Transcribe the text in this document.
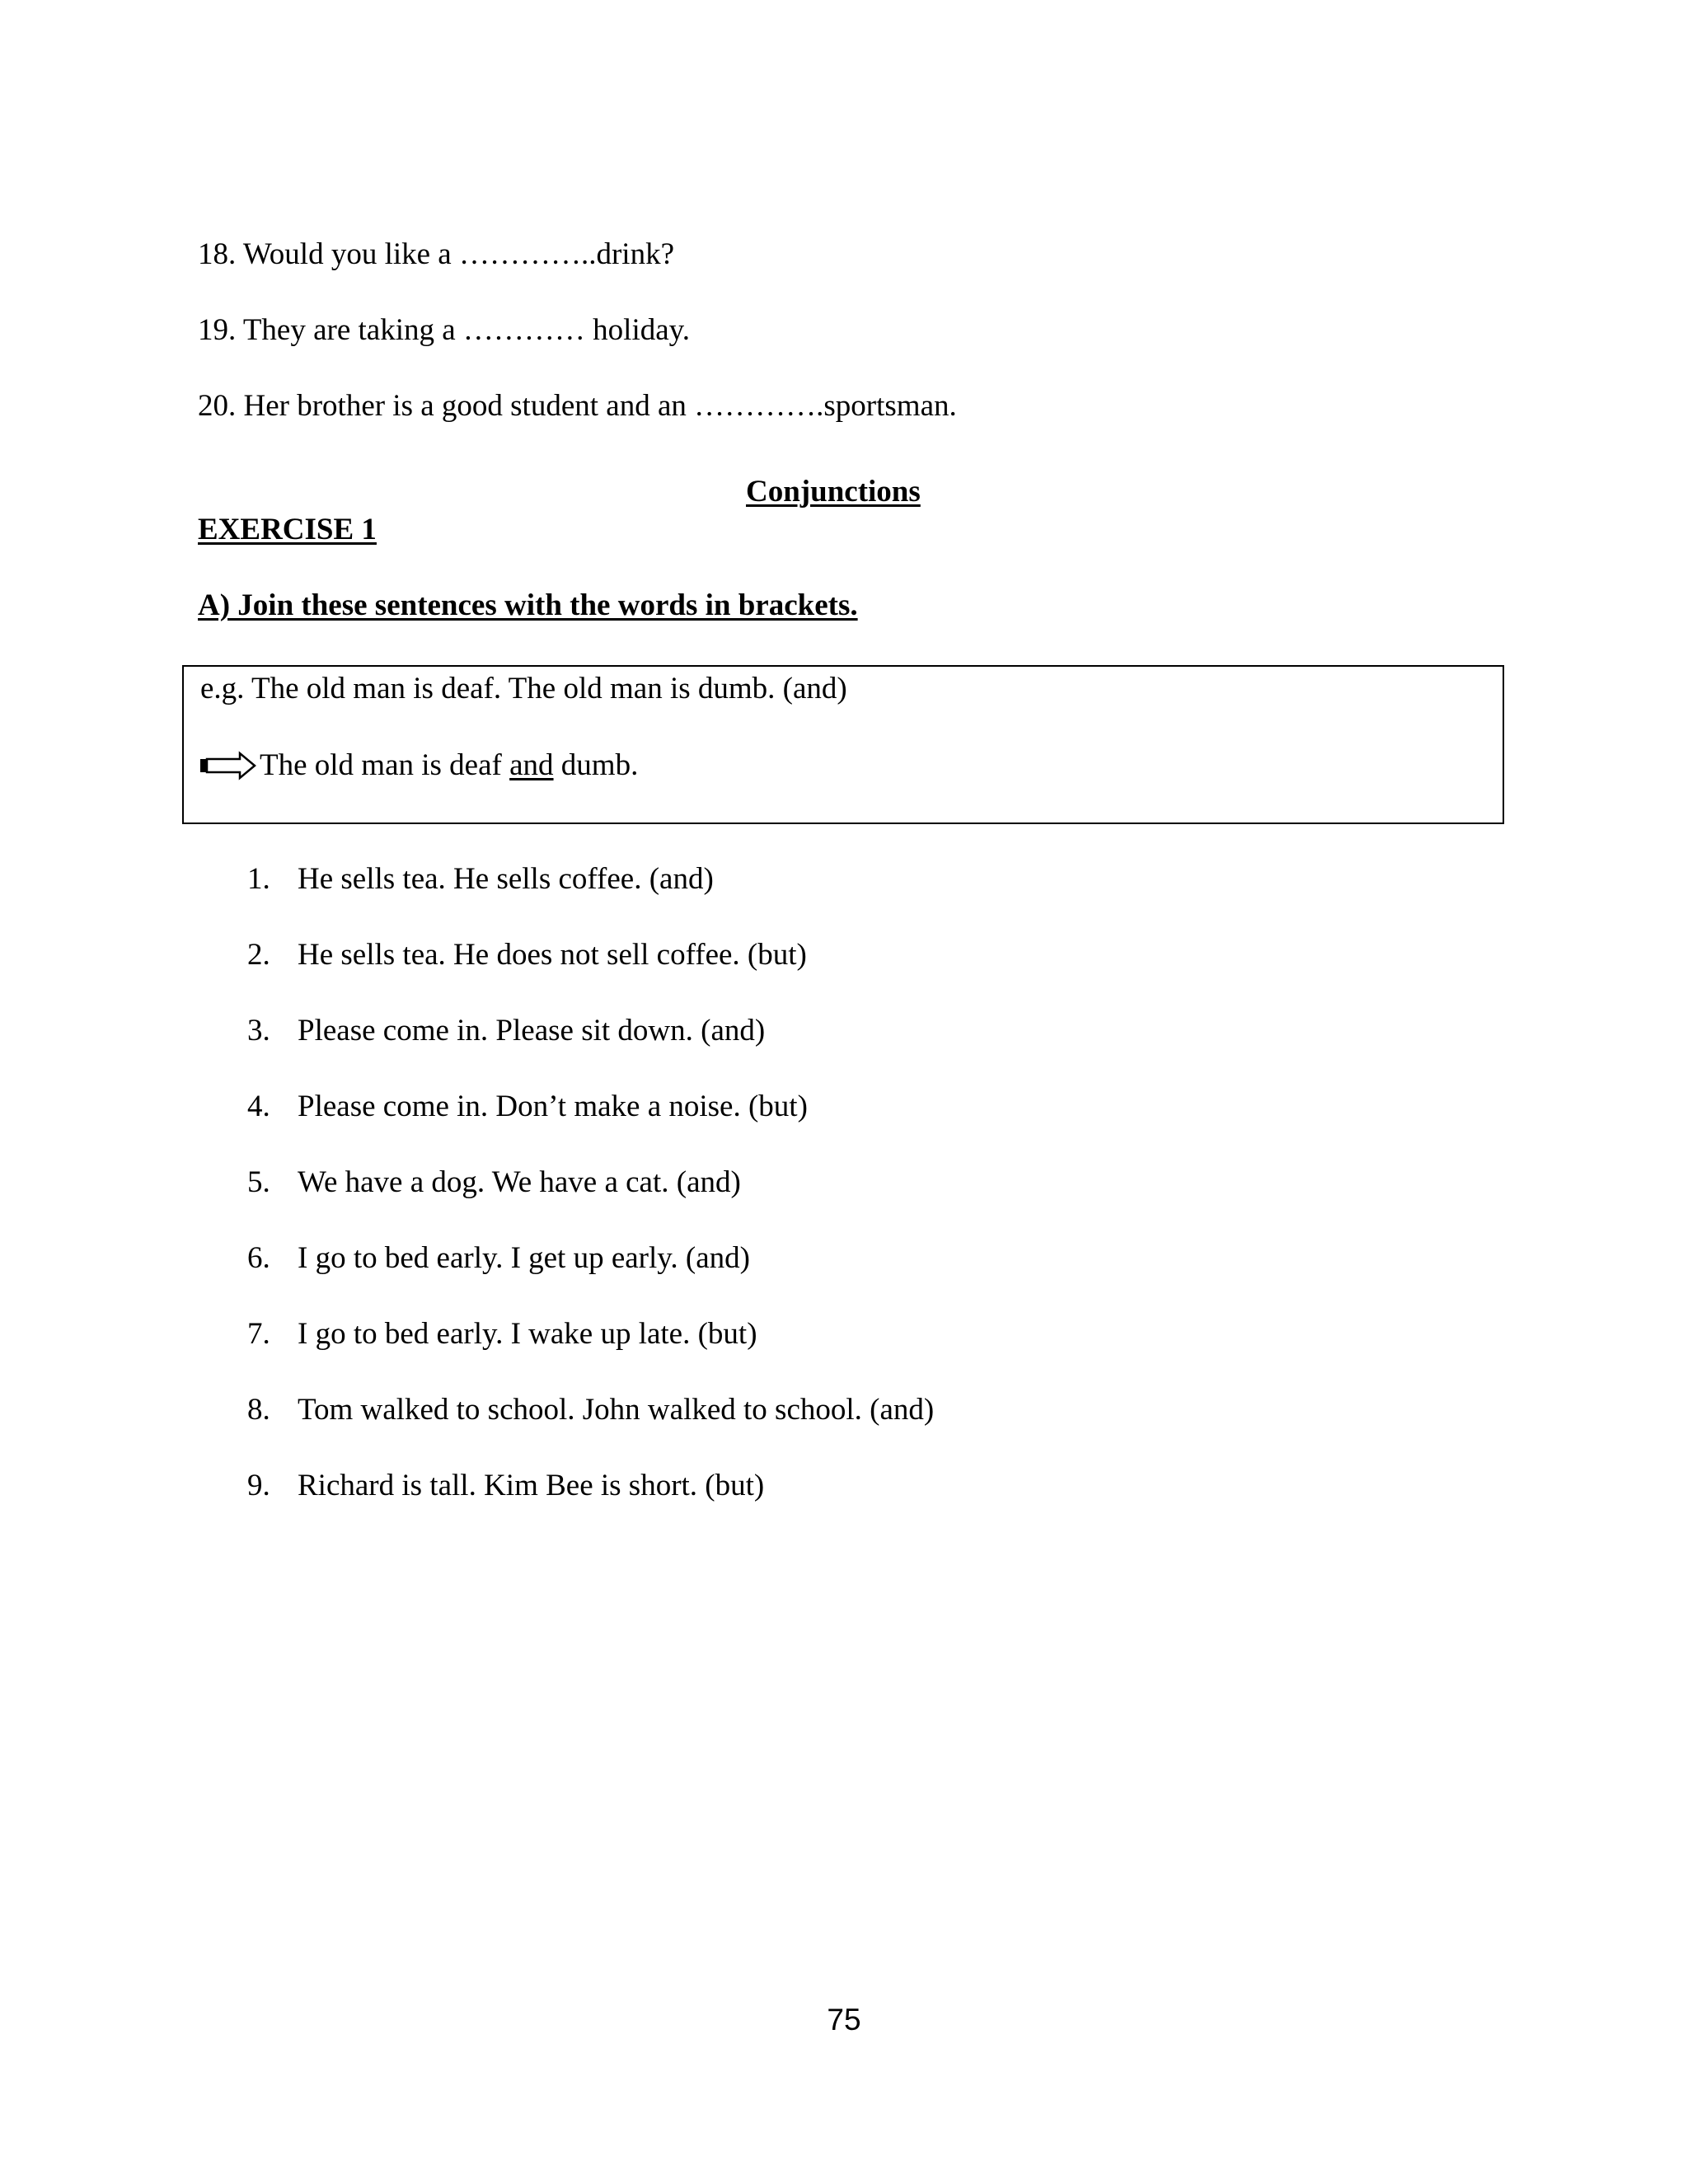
18. Would you like a …………..drink?
19. They are taking a ………… holiday.
20. Her brother is a good student and an ………….sportsman.
Conjunctions
EXERCISE 1
A) Join these sentences with the words in brackets.
e.g. The old man is deaf. The old man is dumb. (and)
The old man is deaf and dumb.
1. He sells tea. He sells coffee. (and)
2. He sells tea. He does not sell coffee. (but)
3. Please come in. Please sit down. (and)
4. Please come in. Don’t make a noise. (but)
5. We have a dog. We have a cat. (and)
6. I go to bed early. I get up early. (and)
7. I go to bed early. I wake up late. (but)
8. Tom walked to school. John walked to school. (and)
9. Richard is tall. Kim Bee is short. (but)
75
